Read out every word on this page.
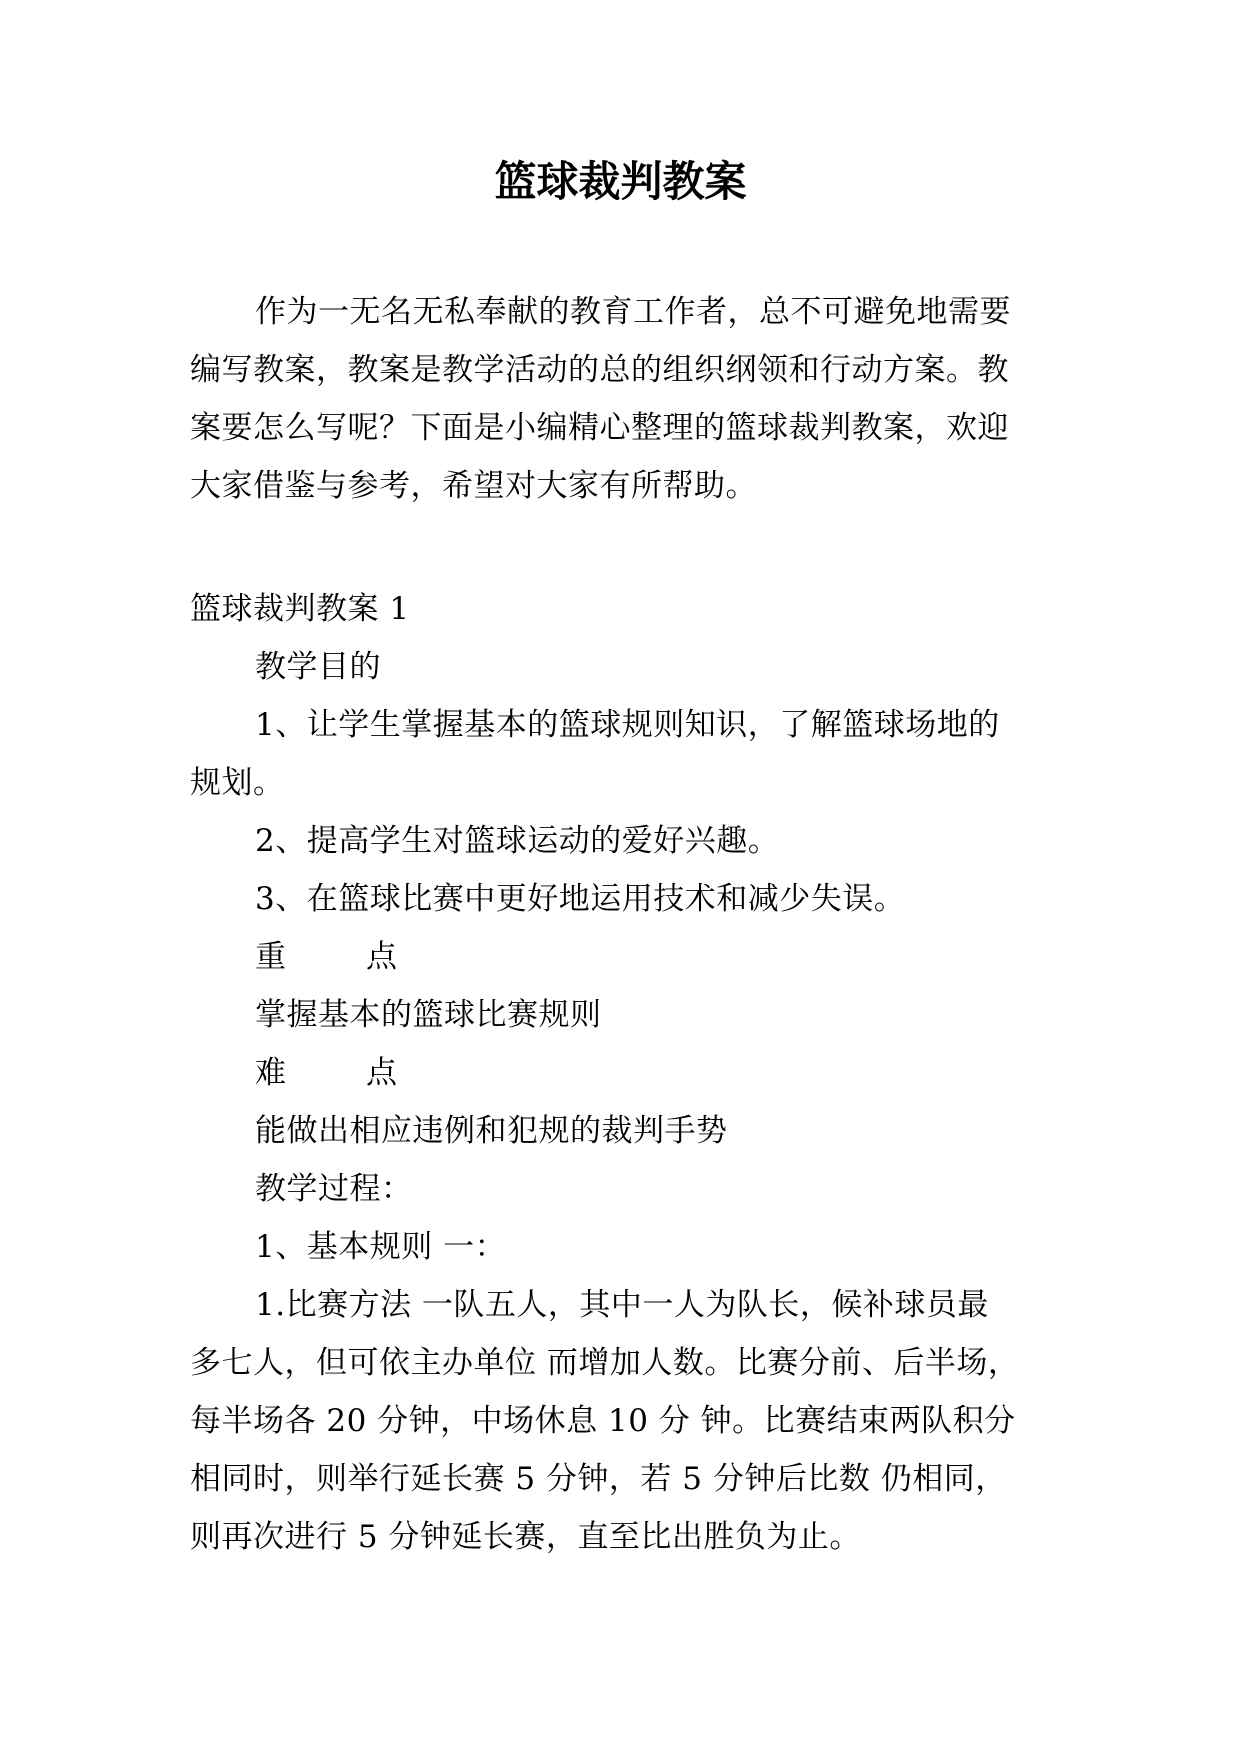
篮球裁判教案
作为一无名无私奉献的教育工作者，总不可避免地需要
编写教案，教案是教学活动的总的组织纲领和行动方案。教
案要怎么写呢？下面是小编精心整理的篮球裁判教案，欢迎
大家借鉴与参考，希望对大家有所帮助。
篮球裁判教案 1
教学目的
1、让学生掌握基本的篮球规则知识，了解篮球场地的
规划。
2、提高学生对篮球运动的爱好兴趣。
3、在篮球比赛中更好地运用技术和减少失误。
重	点
掌握基本的篮球比赛规则
难	点
能做出相应违例和犯规的裁判手势
教学过程：
1、基本规则 一：
1.比赛方法 一队五人，其中一人为队长，候补球员最
多七人，但可依主办单位 而增加人数。比赛分前、后半场，
每半场各 20 分钟，中场休息 10 分 钟。比赛结束两队积分
相同时，则举行延长赛 5 分钟，若 5 分钟后比数 仍相同，
则再次进行 5 分钟延长赛，直至比出胜负为止。
